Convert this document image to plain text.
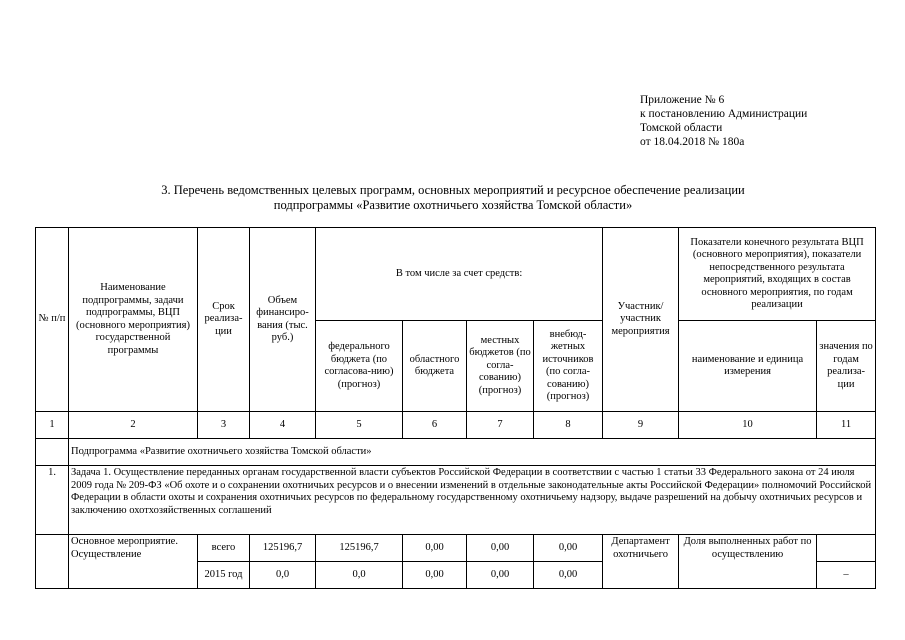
Приложение № 6
к постановлению Администрации
Томской области
от 18.04.2018 № 180а
3. Перечень ведомственных целевых программ, основных мероприятий и ресурсное обеспечение реализации
подпрограммы «Развитие охотничьего хозяйства Томской области»
№ п/п	Наименование подпрограммы, задачи подпрограммы, ВЦП (основного мероприятия) государственной программы	Срок реализа-ции	Объем финансиро-вания (тыс. руб.)	В том числе за счет средств:				Участник/ участник мероприятия	Показатели конечного результата ВЦП (основного мероприятия), показатели непосредственного результата мероприятий, входящих в состав основного мероприятия, по годам реализации	
				федерального бюджета (по согласова-нию) (прогноз)	областного бюджета	местных бюджетов (по согла-сованию) (прогноз)	внебюд-жетных источников (по согла-сованию) (прогноз)		наименование и единица измерения	значения по годам реализа-ции
1	2	3	4	5	6	7	8	9	10	11
	Подпрограмма «Развитие охотничьего хозяйства Томской области»									
1.	Задача 1. Осуществление переданных органам государственной власти субъектов Российской Федерации в соответствии с частью 1 статьи 33 Федерального закона от 24 июля 2009 года № 209-ФЗ «Об охоте и о сохранении охотничьих ресурсов и о внесении изменений в отдельные законодательные акты Российской Федерации» полномочий Российской Федерации в области охоты и сохранения охотничьих ресурсов по федеральному государственному охотничьему надзору, выдаче разрешений на добычу охотничьих ресурсов и заключению охотхозяйственных соглашений									
	Основное мероприятие. Осуществление	всего	125196,7	125196,7	0,00	0,00	0,00	Департамент охотничьего	Доля выполненных работ по осуществлению	
		2015 год	0,0	0,0	0,00	0,00	0,00			–
